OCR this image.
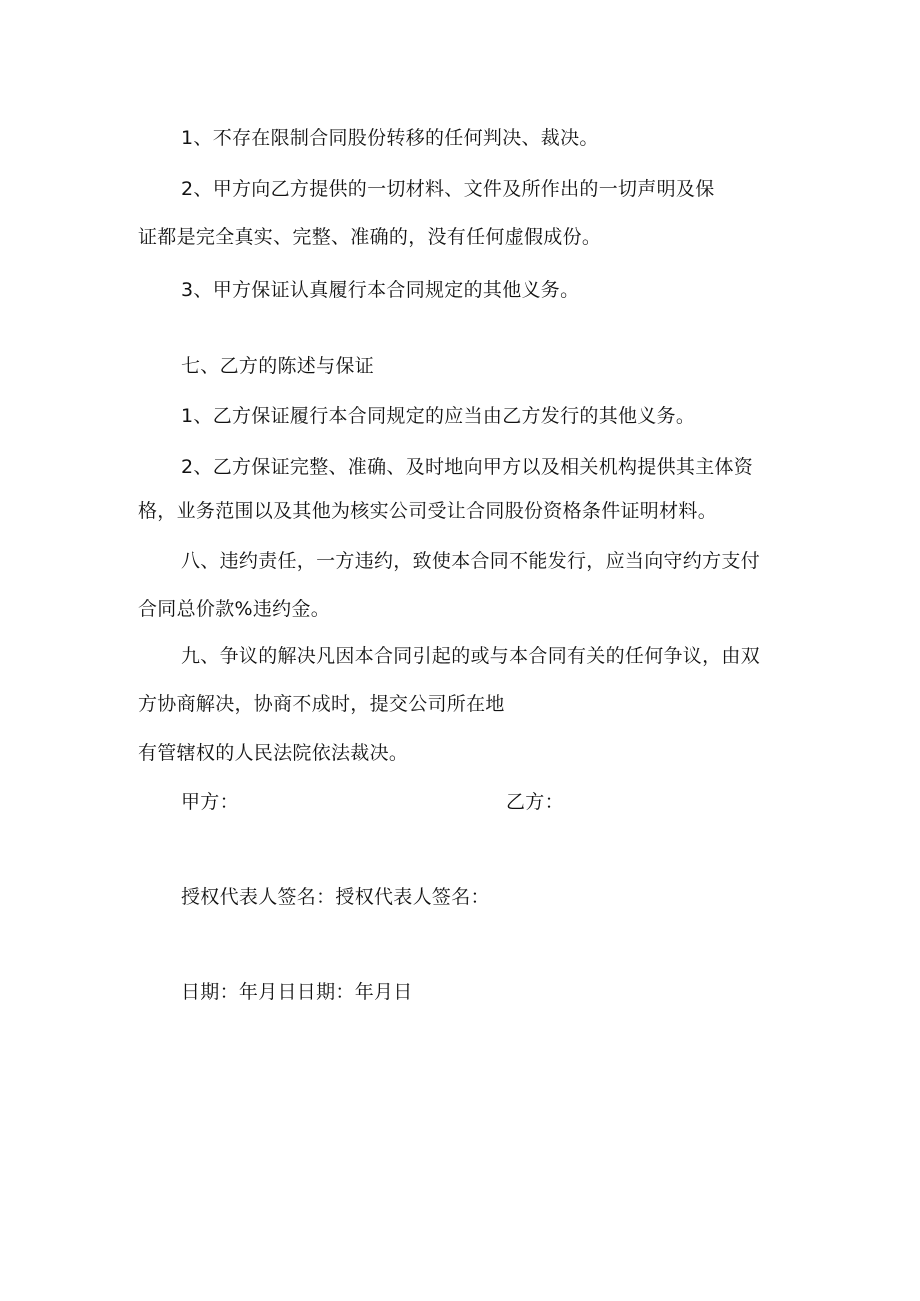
1、不存在限制合同股份转移的任何判决、裁决。
2、甲方向乙方提供的一切材料、文件及所作出的一切声明及保
证都是完全真实、完整、准确的，没有任何虚假成份。
3、甲方保证认真履行本合同规定的其他义务。
七、乙方的陈述与保证
1、乙方保证履行本合同规定的应当由乙方发行的其他义务。
2、乙方保证完整、准确、及时地向甲方以及相关机构提供其主体资
格，业务范围以及其他为核实公司受让合同股份资格条件证明材料。
八、违约责任，一方违约，致使本合同不能发行，应当向守约方支付
合同总价款%违约金。
九、争议的解决凡因本合同引起的或与本合同有关的任何争议，由双
方协商解决，协商不成时，提交公司所在地
有管辖权的人民法院依法裁决。
甲方：	乙方：
授权代表人签名：授权代表人签名：
日期：年月日日期：年月日
